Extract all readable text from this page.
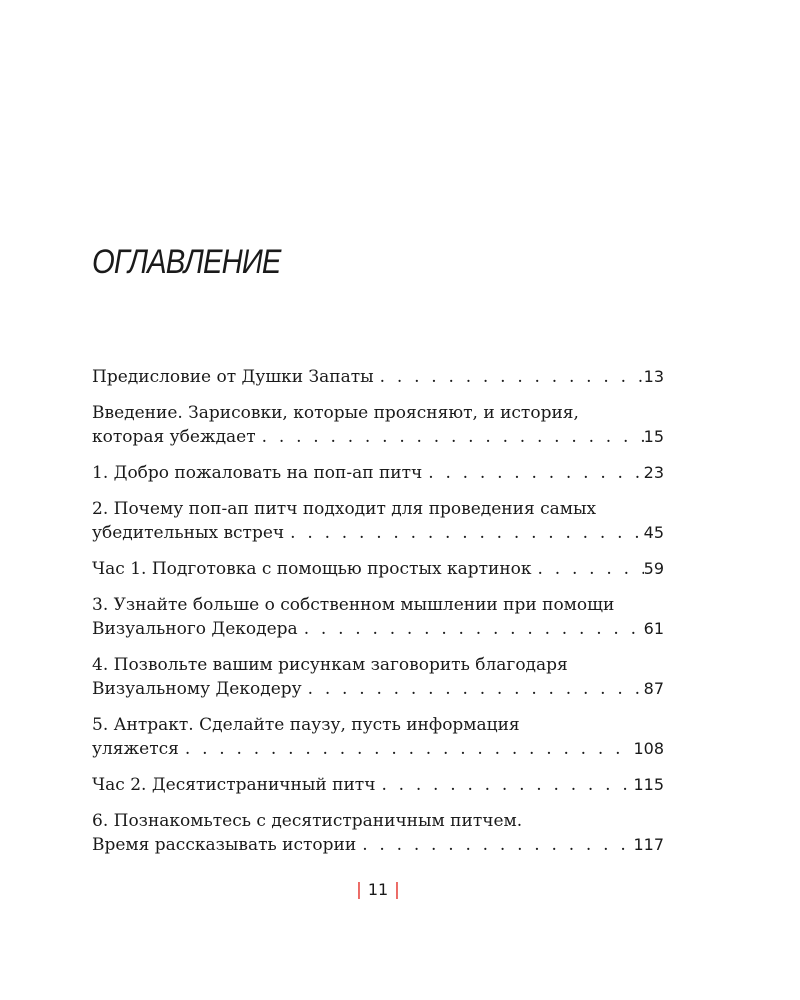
ОГЛАВЛЕНИЕ
Предисловие от Душки Запаты . . .	13
Введение. Зарисовки, которые проясняют, и история,
которая убеждает . . .	15
1. Добро пожаловать на поп-ап питч . . .	23
2. Почему поп-ап питч подходит для проведения самых
убедительных встреч . . .	45
Час 1. Подготовка с помощью простых картинок . . .	59
3. Узнайте больше о собственном мышлении при помощи
Визуального Декодера . . .	61
4. Позвольте вашим рисункам заговорить благодаря
Визуальному Декодеру . . .	87
5. Антракт. Сделайте паузу, пусть информация
уляжется . . .	108
Час 2. Десятистраничный питч . . .	115
6. Познакомьтесь с десятистраничным питчем.
Время рассказывать истории . . .	117
| 11 |
